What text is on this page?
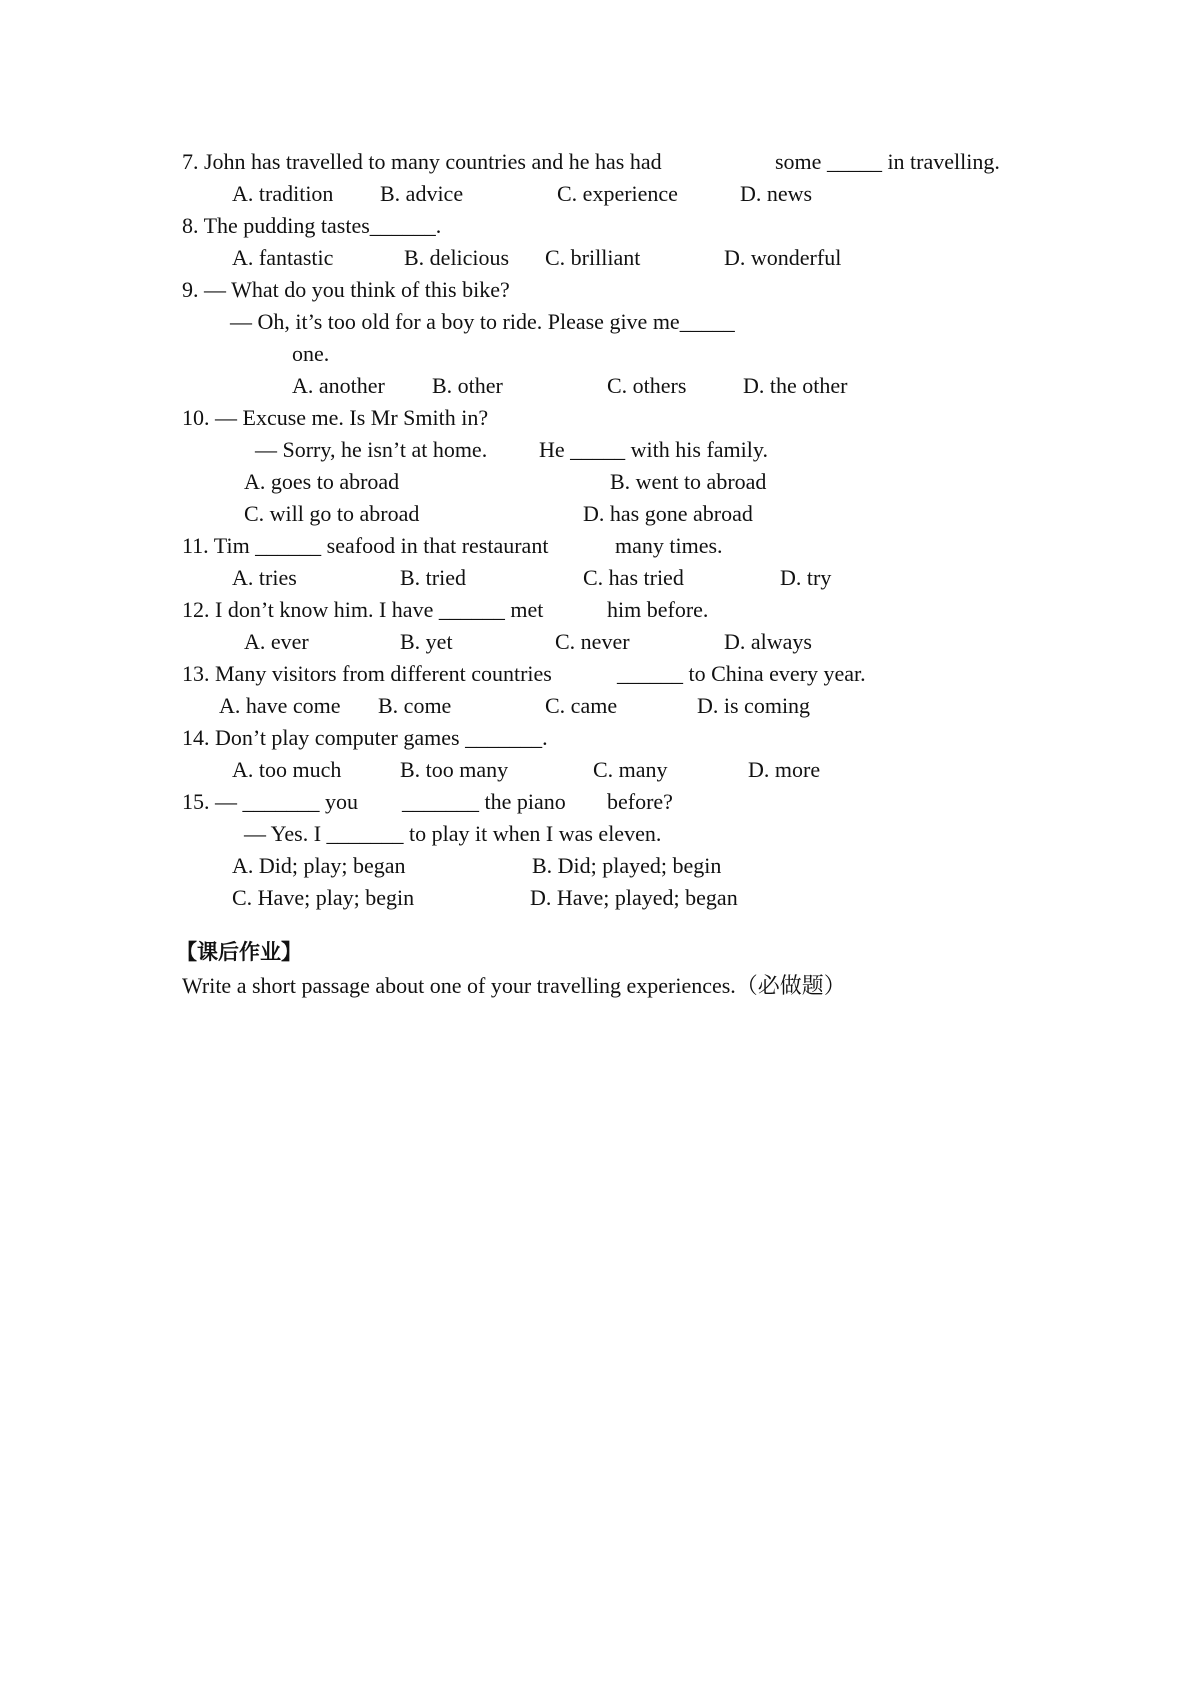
7. John has travelled to many countries and he has had	some _____ in travelling.
A. tradition B. advice	C. experience	D. news
8. The pudding tastes______.
A. fantastic	B. delicious C. brilliant	D. wonderful
9. — What do you think of this bike?
— Oh, it’s too old for a boy to ride. Please give me_____
one.
A. another B. other	C. others	D. the other
10. — Excuse me. Is Mr Smith in?
— Sorry, he isn’t at home. He _____ with his family.
A. goes to abroad	B. went to abroad
C. will go to abroad	D. has gone abroad
11. Tim ______ seafood in that restaurant	many times.
A. tries	B. tried	C. has tried	D. try
12. I don’t know him. I have ______ met	him before.
A. ever	B. yet	C. never	D. always
13. Many visitors from different countries	______ to China every year.
A. have come B. come	C. came	D. is coming
14. Don’t play computer games _______.
A. too much	B. too many	C. many	D. more
15. — _______ you _______ the piano before?
— Yes. I _______ to play it when I was eleven.
A. Did; play; began	B. Did; played; begin
C. Have; play; begin	D. Have; played; began
【课后作业】
Write a short passage about one of your travelling experiences.（必做题）
